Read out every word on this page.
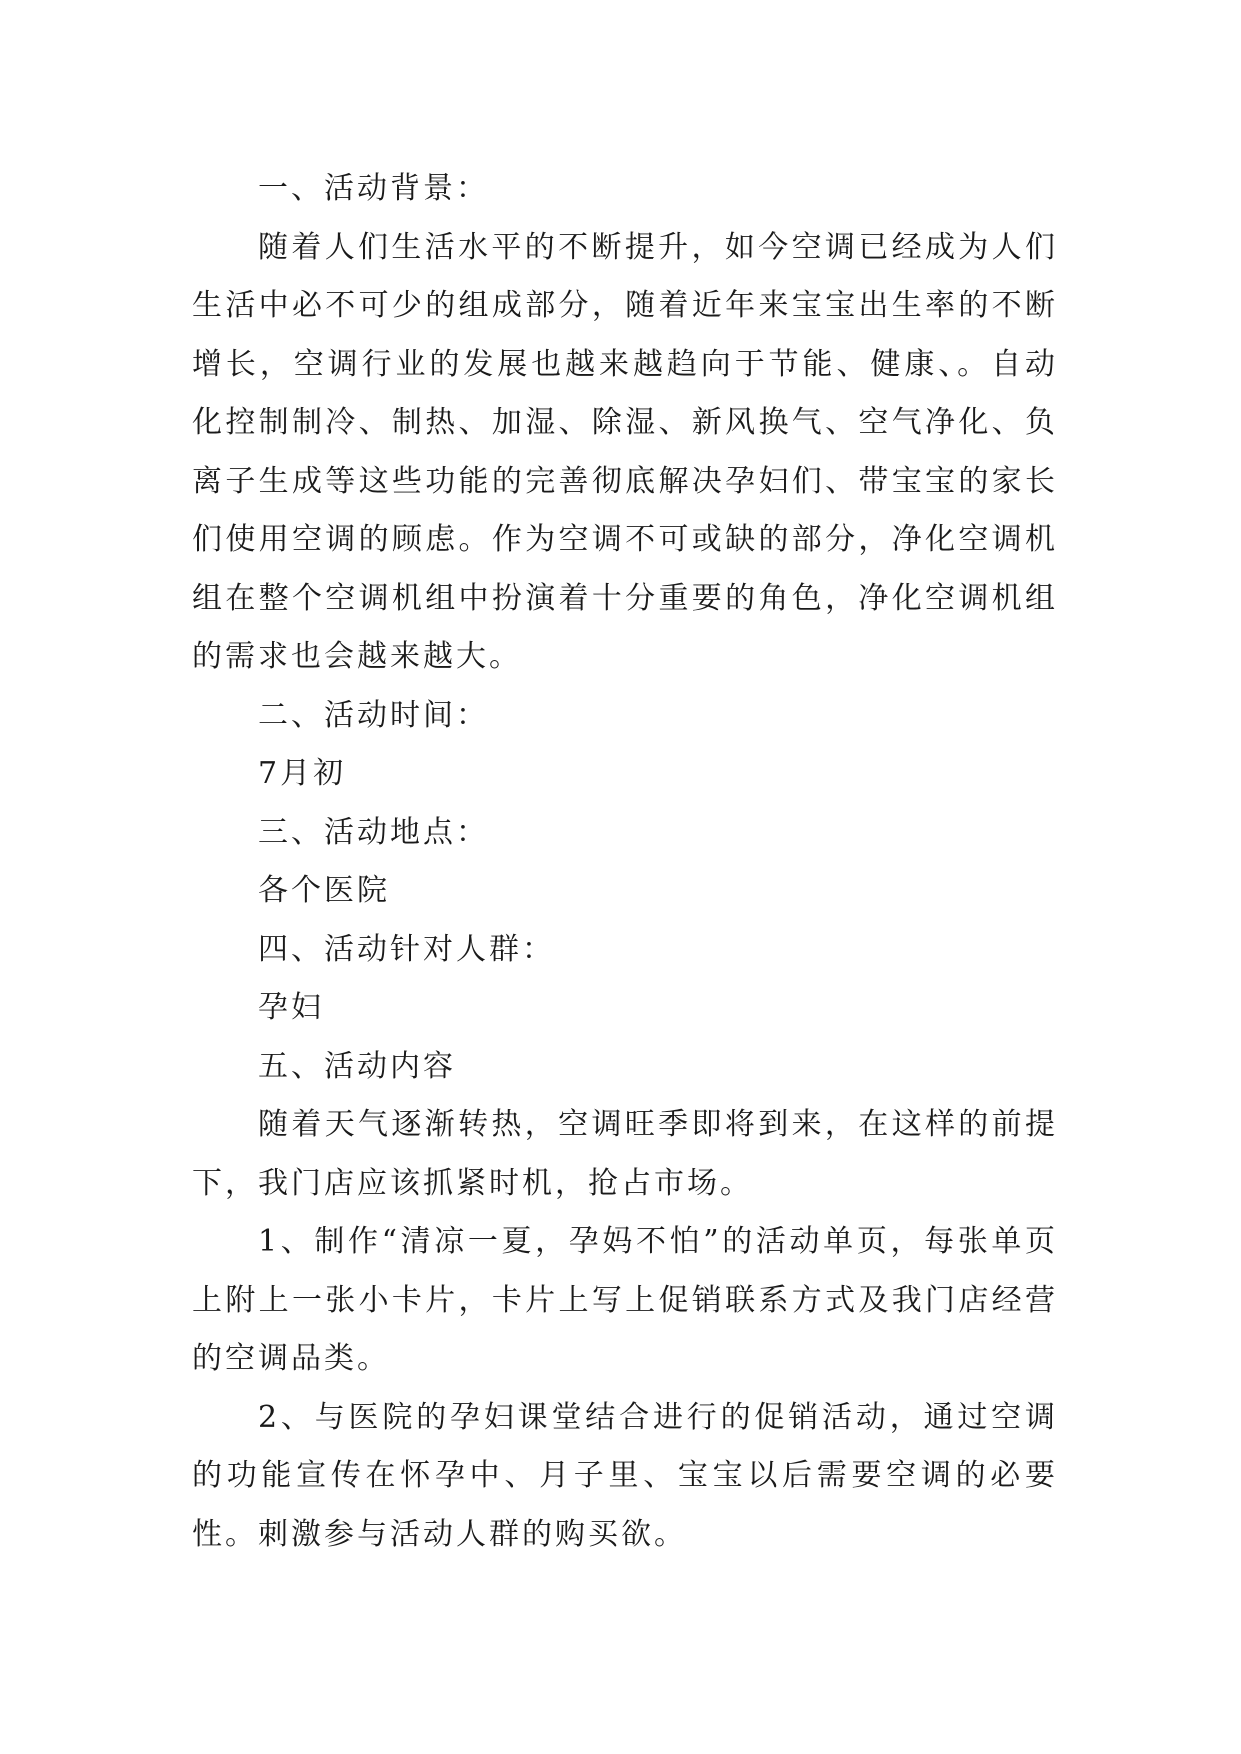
一、活动背景：

随着人们生活水平的不断提升，如今空调已经成为人们生活中必不可少的组成部分，随着近年来宝宝出生率的不断增长，空调行业的发展也越来越趋向于节能、健康、。自动化控制制冷、制热、加湿、除湿、新风换气、空气净化、负离子生成等这些功能的完善彻底解决孕妇们、带宝宝的家长们使用空调的顾虑。作为空调不可或缺的部分，净化空调机组在整个空调机组中扮演着十分重要的角色，净化空调机组的需求也会越来越大。

二、活动时间：

7月初

三、活动地点：

各个医院

四、活动针对人群：

孕妇

五、活动内容

随着天气逐渐转热，空调旺季即将到来，在这样的前提下，我门店应该抓紧时机，抢占市场。

1、制作“清凉一夏，孕妈不怕”的活动单页，每张单页上附上一张小卡片，卡片上写上促销联系方式及我门店经营的空调品类。

2、与医院的孕妇课堂结合进行的促销活动，通过空调的功能宣传在怀孕中、月子里、宝宝以后需要空调的必要性。刺激参与活动人群的购买欲。
